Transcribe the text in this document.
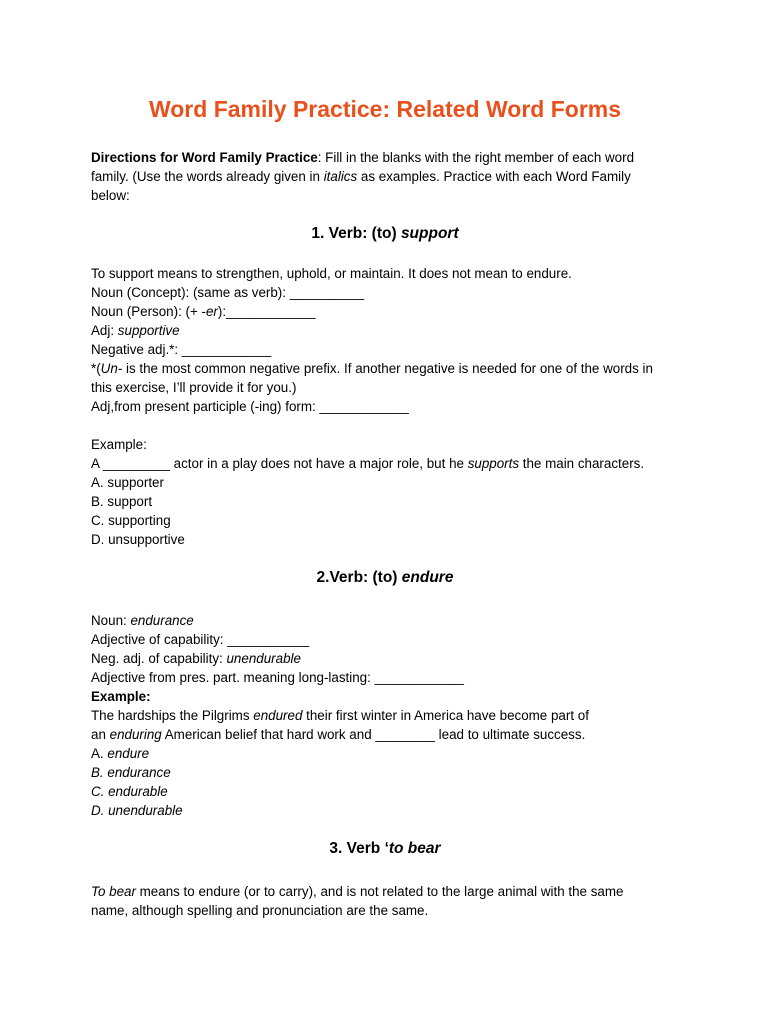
Word Family Practice: Related Word Forms
Directions for Word Family Practice: Fill in the blanks with the right member of each word
family. (Use the words already given in italics as examples. Practice with each Word Family
below:
1. Verb: (to) support
To support means to strengthen, uphold, or maintain. It does not mean to endure.
Noun (Concept): (same as verb): __________
Noun (Person): (+ -er):____________
Adj: supportive
Negative adj.*: ____________
*(Un- is the most common negative prefix. If another negative is needed for one of the words in
this exercise, I’ll provide it for you.)
Adj,from present participle (-ing) form: ____________
Example:
A _________ actor in a play does not have a major role, but he supports the main characters.
A. supporter
B. support
C. supporting
D. unsupportive
2.Verb: (to) endure
Noun: endurance
Adjective of capability: ___________
Neg. adj. of capability: unendurable
Adjective from pres. part. meaning long-lasting: ____________
Example:
The hardships the Pilgrims endured their first winter in America have become part of
an enduring American belief that hard work and ________ lead to ultimate success.
A. endure
B. endurance
C. endurable
D. unendurable
3. Verb ‘to bear
To bear means to endure (or to carry), and is not related to the large animal with the same
name, although spelling and pronunciation are the same.
